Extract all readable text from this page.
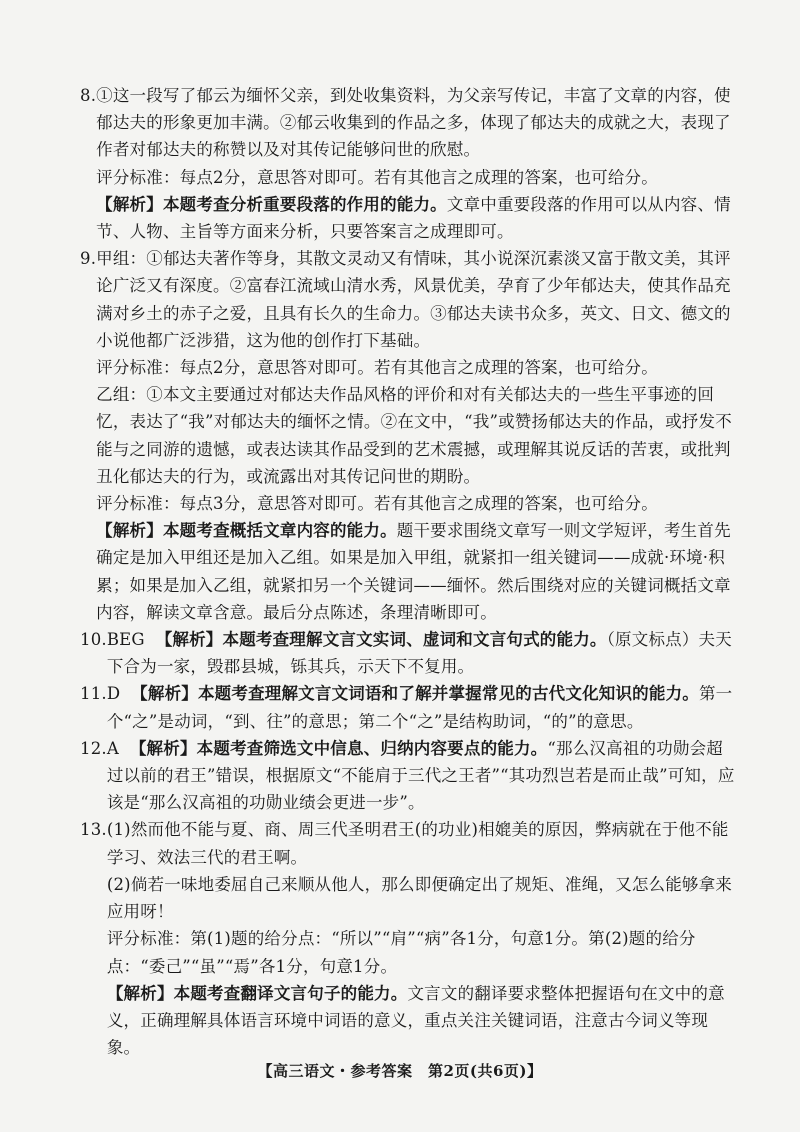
8. ①这一段写了郁云为缅怀父亲，到处收集资料，为父亲写传记，丰富了文章的内容，使郁达夫的形象更加丰满。②郁云收集到的作品之多，体现了郁达夫的成就之大，表现了作者对郁达夫的称赞以及对其传记能够问世的欣慰。

评分标准：每点2分，意思答对即可。若有其他言之成理的答案，也可给分。

【解析】本题考查分析重要段落的作用的能力。文章中重要段落的作用可以从内容、情节、人物、主旨等方面来分析，只要答案言之成理即可。

9. 甲组：①郁达夫著作等身，其散文灵动又有情味，其小说深沉素淡又富于散文美，其评论广泛又有深度。②富春江流域山清水秀，风景优美，孕育了少年郁达夫，使其作品充满对乡土的赤子之爱，且具有长久的生命力。③郁达夫读书众多，英文、日文、德文的小说他都广泛涉猎，这为他的创作打下基础。

评分标准：每点2分，意思答对即可。若有其他言之成理的答案，也可给分。

乙组：①本文主要通过对郁达夫作品风格的评价和对有关郁达夫的一些生平事迹的回忆，表达了“我”对郁达夫的缅怀之情。②在文中，“我”或赞扬郁达夫的作品，或抒发不能与之同游的遗憾，或表达读其作品受到的艺术震撼，或理解其说反话的苦衷，或批判丑化郁达夫的行为，或流露出对其传记问世的期盼。

评分标准：每点3分，意思答对即可。若有其他言之成理的答案，也可给分。

【解析】本题考查概括文章内容的能力。题干要求围绕文章写一则文学短评，考生首先确定是加入甲组还是加入乙组。如果是加入甲组，就紧扣一组关键词——成就·环境·积累；如果是加入乙组，就紧扣另一个关键词——缅怀。然后围绕对应的关键词概括文章内容，解读文章含意。最后分点陈述，条理清晰即可。

10. BEG 【解析】本题考查理解文言文实词、虚词和文言句式的能力。（原文标点）夫天下合为一家，毁郡县城，铄其兵，示天下不复用。

11. D 【解析】本题考查理解文言文词语和了解并掌握常见的古代文化知识的能力。第一个“之”是动词，“到、往”的意思；第二个“之”是结构助词，“的”的意思。

12. A 【解析】本题考查筛选文中信息、归纳内容要点的能力。“那么汉高祖的功勋会超过以前的君王”错误，根据原文“不能肩于三代之王者”“其功烈岂若是而止哉”可知，应该是“那么汉高祖的功勋业绩会更进一步”。

13. (1)然而他不能与夏、商、周三代圣明君王(的功业)相媲美的原因，弊病就在于他不能学习、效法三代的君王啊。

(2)倘若一味地委屈自己来顺从他人，那么即便确定出了规矩、准绳，又怎么能够拿来应用呀！

评分标准：第(1)题的给分点：“所以”“肩”“病”各1分，句意1分。第(2)题的给分点：“委己”“虽”“焉”各1分，句意1分。

【解析】本题考查翻译文言句子的能力。文言文的翻译要求整体把握语句在文中的意义，正确理解具体语言环境中词语的意义，重点关注关键词语，注意古今词义等现象。

【高三语文・参考答案　第2页(共6页)】
